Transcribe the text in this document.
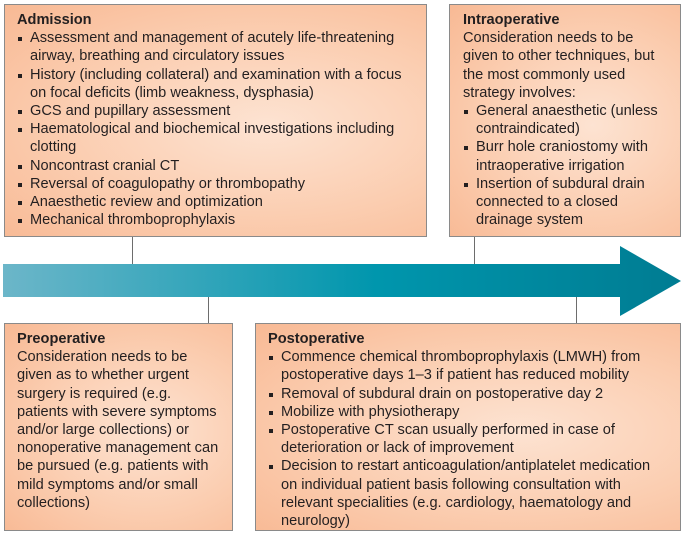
Admission
Assessment and management of acutely life-threatening airway, breathing and circulatory issues
History (including collateral) and examination with a focus on focal deficits (limb weakness, dysphasia)
GCS and pupillary assessment
Haematological and biochemical investigations including clotting
Noncontrast cranial CT
Reversal of coagulopathy or thrombopathy
Anaesthetic review and optimization
Mechanical thromboprophylaxis
Intraoperative

Consideration needs to be given to other techniques, but the most commonly used strategy involves:

General anaesthetic (unless contraindicated)
Burr hole craniostomy with intraoperative irrigation
Insertion of subdural drain connected to a closed drainage system
Preoperative

Consideration needs to be given as to whether urgent surgery is required (e.g. patients with severe symptoms and/or large collections) or nonoperative management can be pursued (e.g. patients with mild symptoms and/or small collections)

Postoperative
Commence chemical thromboprophylaxis (LMWH) from postoperative days 1–3 if patient has reduced mobility
Removal of subdural drain on postoperative day 2
Mobilize with physiotherapy
Postoperative CT scan usually performed in case of deterioration or lack of improvement
Decision to restart anticoagulation/antiplatelet medication on individual patient basis following consultation with relevant specialities (e.g. cardiology, haematology and neurology)
